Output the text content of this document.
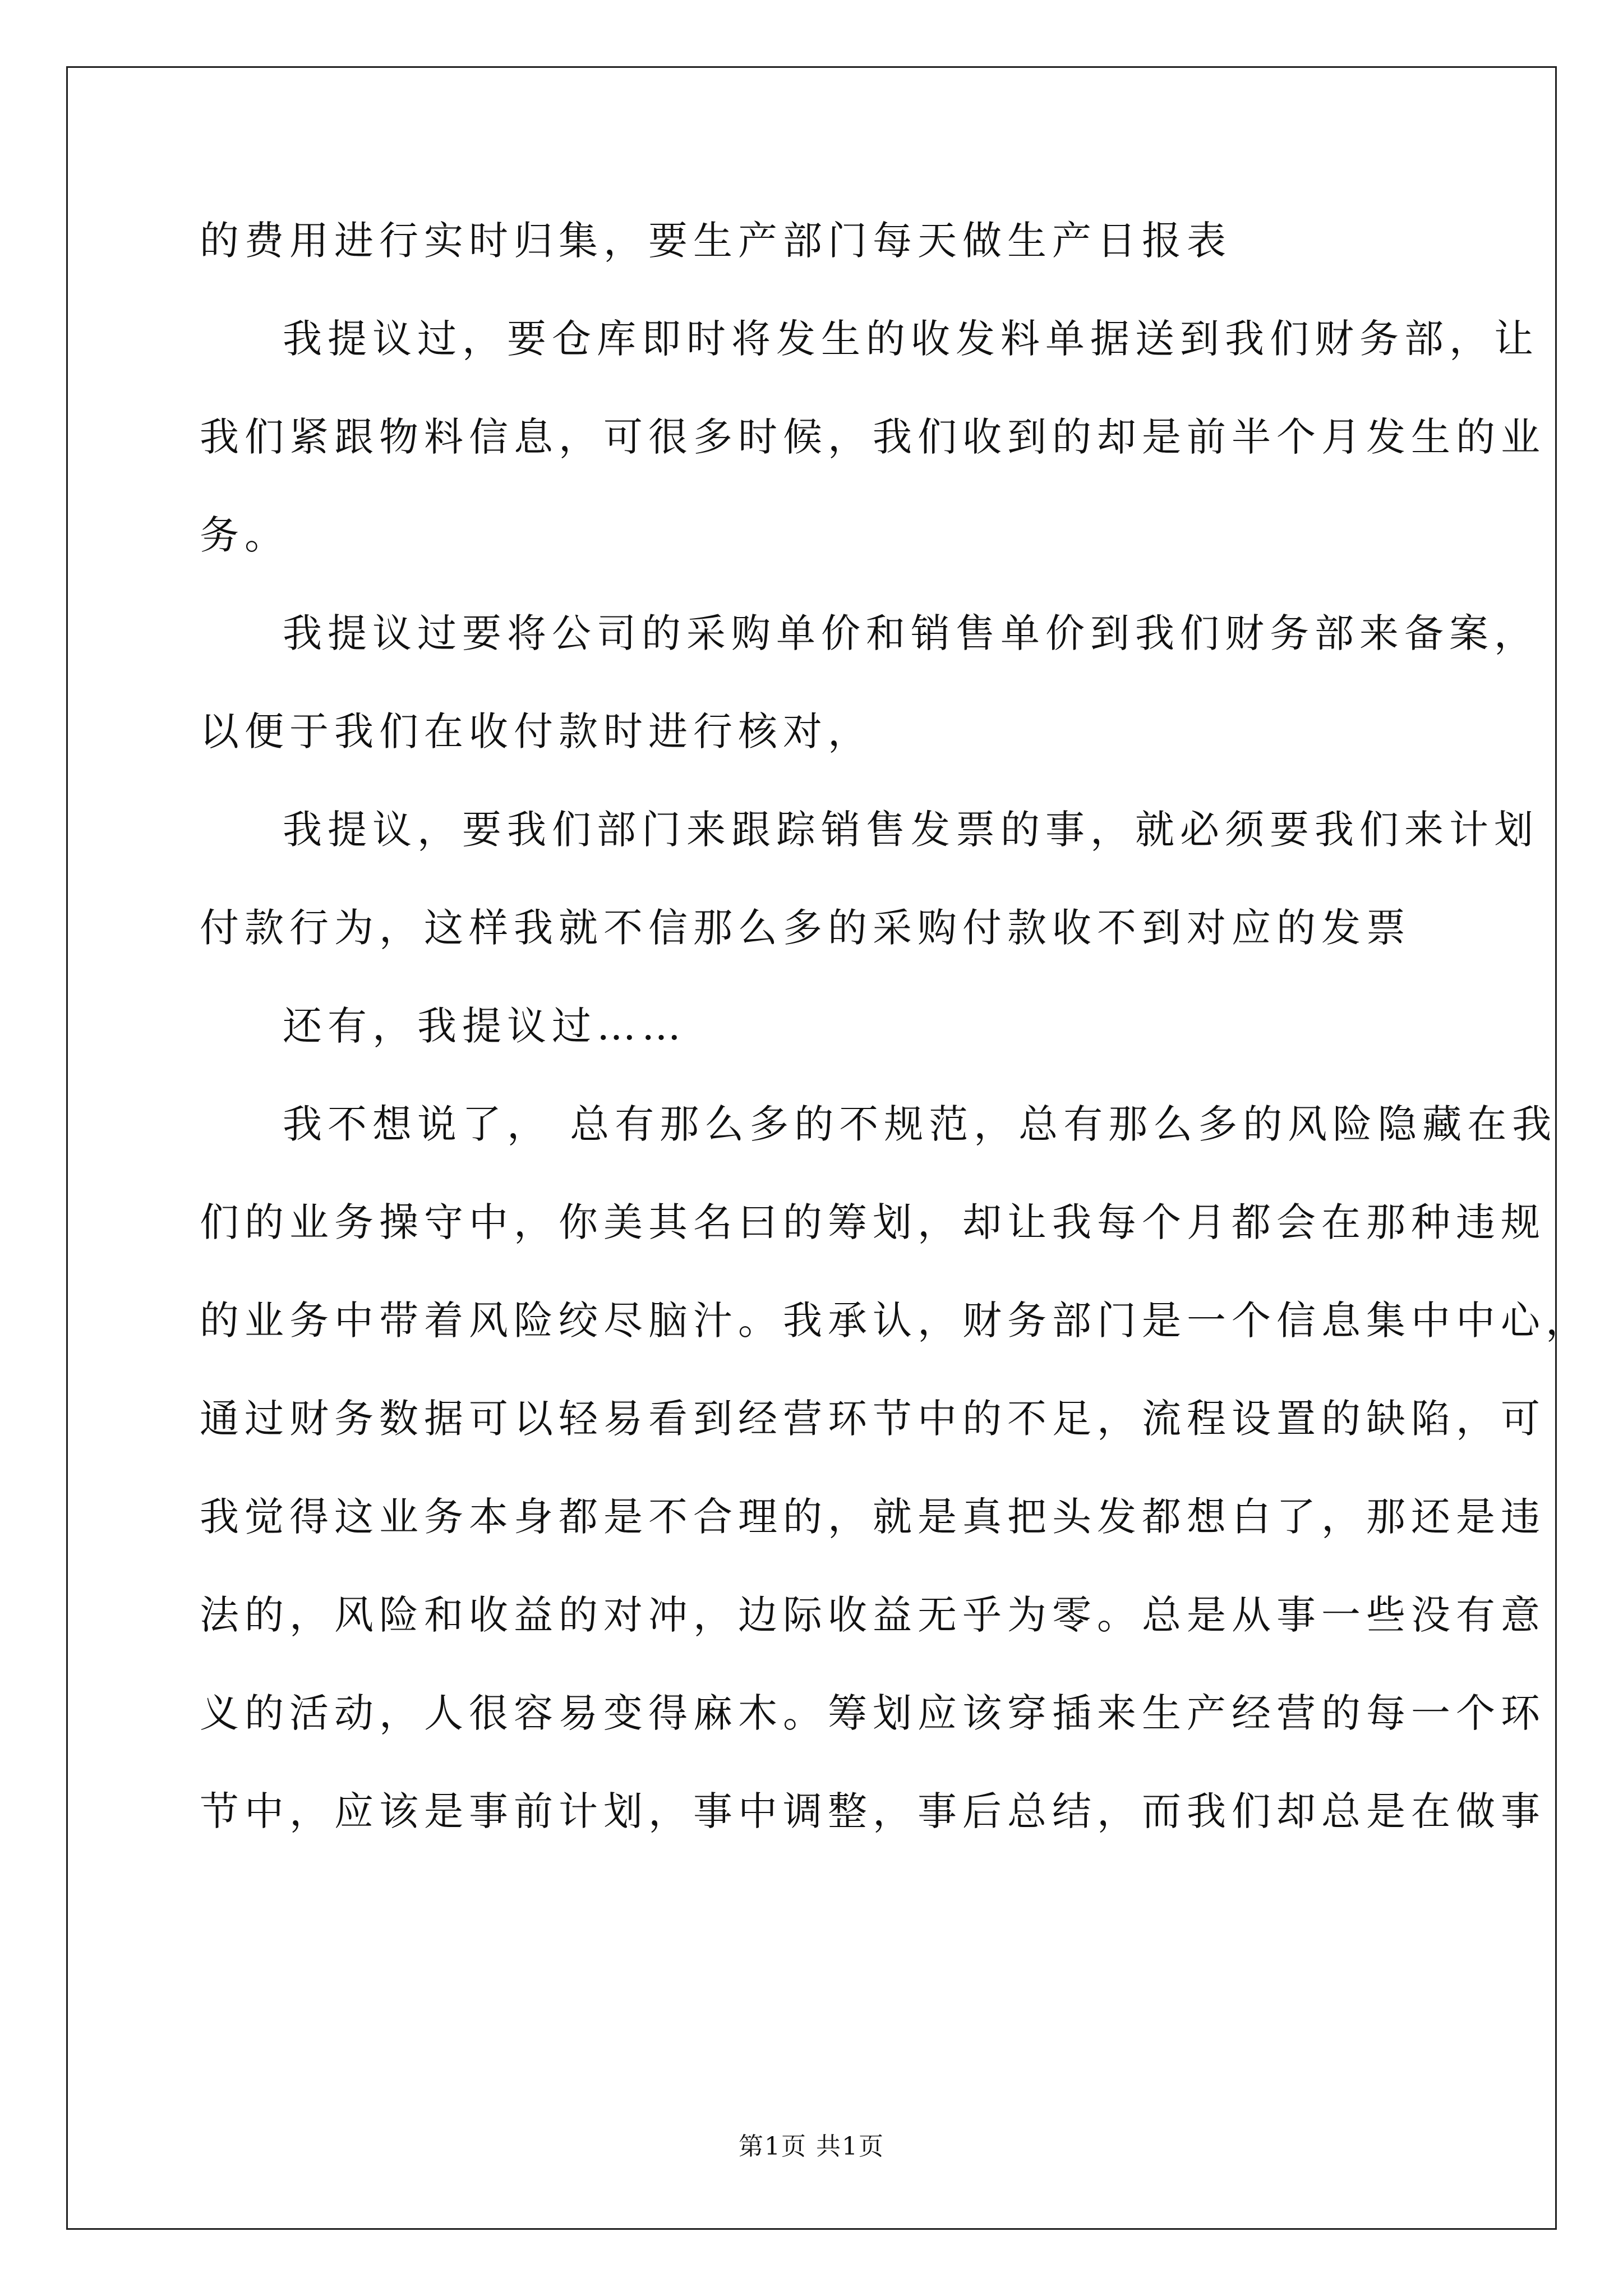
的费用进行实时归集，要生产部门每天做生产日报表
我提议过，要仓库即时将发生的收发料单据送到我们财务部，让
我们紧跟物料信息，可很多时候，我们收到的却是前半个月发生的业
务。
我提议过要将公司的采购单价和销售单价到我们财务部来备案，
以便于我们在收付款时进行核对，
我提议，要我们部门来跟踪销售发票的事，就必须要我们来计划
付款行为，这样我就不信那么多的采购付款收不到对应的发票
还有，我提议过……
我不想说了， 总有那么多的不规范，总有那么多的风险隐藏在我
们的业务操守中，你美其名曰的筹划，却让我每个月都会在那种违规
的业务中带着风险绞尽脑汁。我承认，财务部门是一个信息集中中心，
通过财务数据可以轻易看到经营环节中的不足，流程设置的缺陷，可
我觉得这业务本身都是不合理的，就是真把头发都想白了，那还是违
法的，风险和收益的对冲，边际收益无乎为零。总是从事一些没有意
义的活动，人很容易变得麻木。筹划应该穿插来生产经营的每一个环
节中，应该是事前计划，事中调整，事后总结，而我们却总是在做事
第1页 共1页
